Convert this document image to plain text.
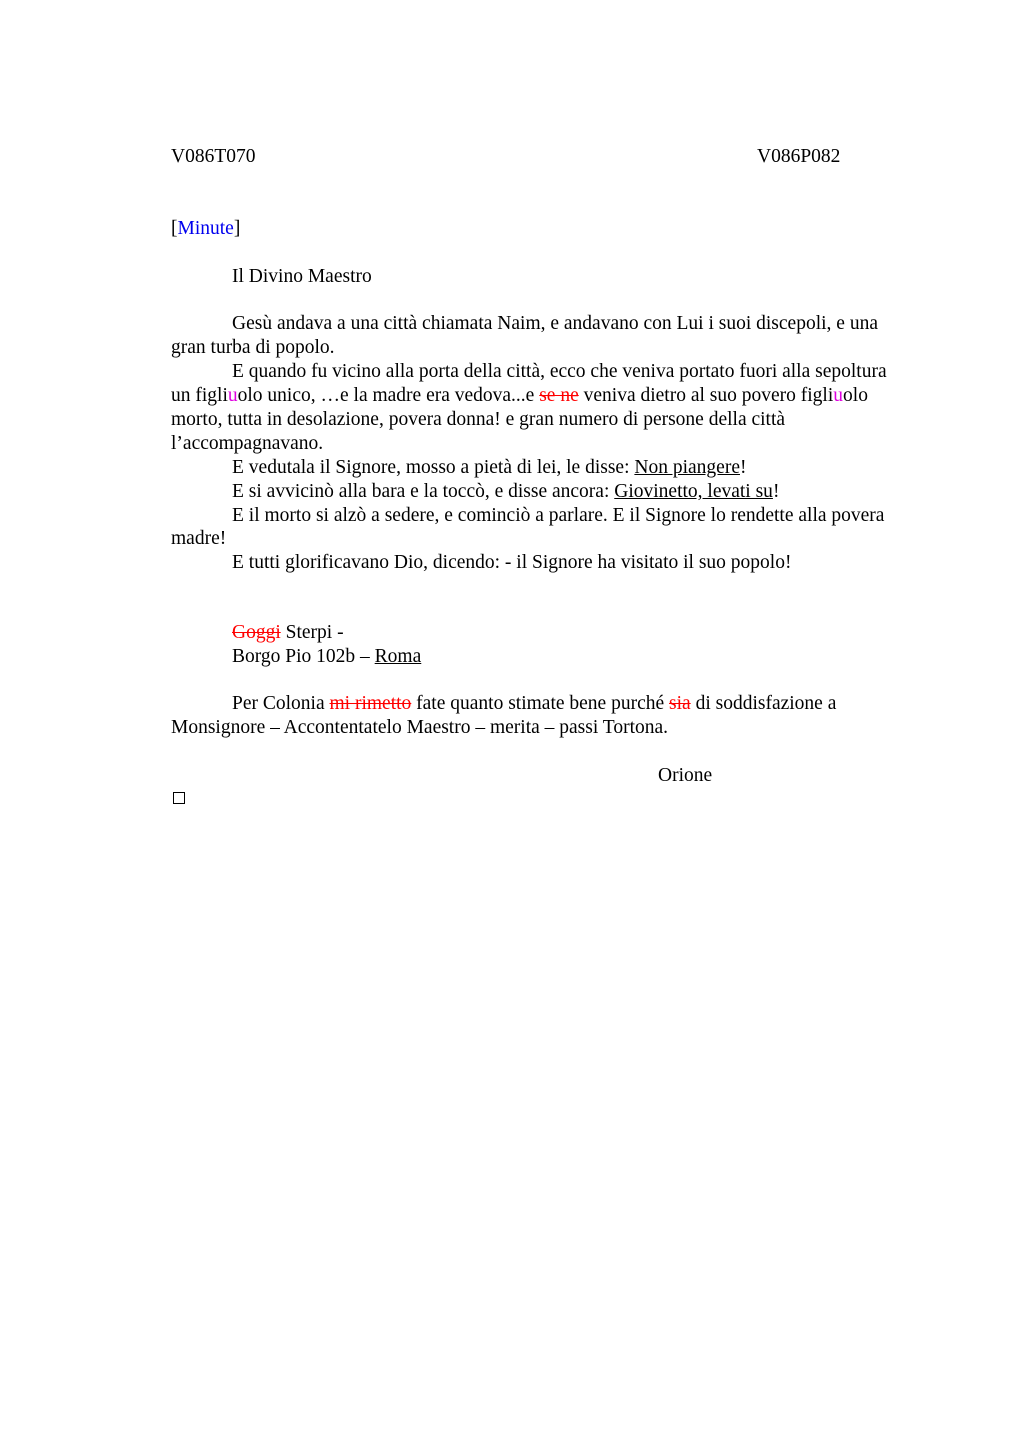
V086T070	V086P082
[Minute]
Il Divino Maestro
Gesù andava a una città chiamata Naim, e andavano con Lui i suoi discepoli, e una
gran turba di popolo.
E quando fu vicino alla porta della città, ecco che veniva portato fuori alla sepoltura
un figliuolo unico, …e la madre era vedova...e se ne veniva dietro al suo povero figliuolo
morto, tutta in desolazione, povera donna! e gran numero di persone della città
l’accompagnavano.
E vedutala il Signore, mosso a pietà di lei, le disse: Non piangere!
E si avvicinò alla bara e la toccò, e disse ancora: Giovinetto, levati su!
E il morto si alzò a sedere, e cominciò a parlare. E il Signore lo rendette alla povera
madre!
E tutti glorificavano Dio, dicendo: - il Signore ha visitato il suo popolo!
Goggi Sterpi -
Borgo Pio 102b – Roma
Per Colonia mi rimetto fate quanto stimate bene purché sia di soddisfazione a
Monsignore – Accontentatelo Maestro – merita – passi Tortona.
Orione
